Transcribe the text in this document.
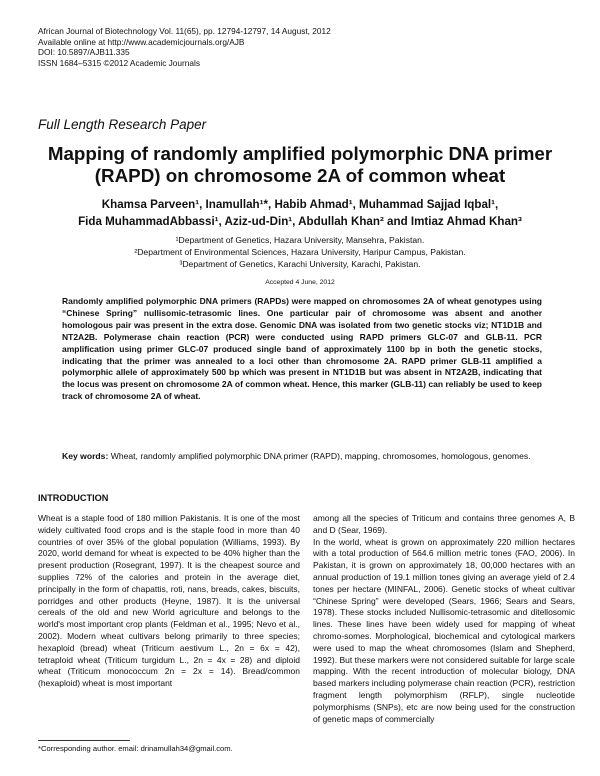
African Journal of Biotechnology Vol. 11(65), pp. 12794-12797, 14 August, 2012
Available online at http://www.academicjournals.org/AJB
DOI: 10.5897/AJB11.335
ISSN 1684–5315 ©2012 Academic Journals
Full Length Research Paper
Mapping of randomly amplified polymorphic DNA primer (RAPD) on chromosome 2A of common wheat
Khamsa Parveen¹, Inamullah¹*, Habib Ahmad¹, Muhammad Sajjad Iqbal¹,
Fida MuhammadAbbassi¹, Aziz-ud-Din¹, Abdullah Khan² and Imtiaz Ahmad Khan³
¹Department of Genetics, Hazara University, Mansehra, Pakistan.
²Department of Environmental Sciences, Hazara University, Haripur Campus, Pakistan.
³Department of Genetics, Karachi University, Karachi, Pakistan.
Accepted 4 June, 2012
Randomly amplified polymorphic DNA primers (RAPDs) were mapped on chromosomes 2A of wheat genotypes using “Chinese Spring” nullisomic-tetrasomic lines. One particular pair of chromosome was absent and another homologous pair was present in the extra dose. Genomic DNA was isolated from two genetic stocks viz; NT1D1B and NT2A2B. Polymerase chain reaction (PCR) were conducted using RAPD primers GLC-07 and GLB-11. PCR amplification using primer GLC-07 produced single band of approximately 1100 bp in both the genetic stocks, indicating that the primer was annealed to a loci other than chromosome 2A. RAPD primer GLB-11 amplified a polymorphic allele of approximately 500 bp which was present in NT1D1B but was absent in NT2A2B, indicating that the locus was present on chromosome 2A of common wheat. Hence, this marker (GLB-11) can reliably be used to keep track of chromosome 2A of wheat.
Key words: Wheat, randomly amplified polymorphic DNA primer (RAPD), mapping, chromosomes, homologous, genomes.
INTRODUCTION

Wheat is a staple food of 180 million Pakistanis. It is one of the most widely cultivated food crops and is the staple food in more than 40 countries of over 35% of the global population (Williams, 1993). By 2020, world demand for wheat is expected to be 40% higher than the present production (Rosegrant, 1997). It is the cheapest source and supplies 72% of the calories and protein in the average diet, principally in the form of chapattis, roti, nans, breads, cakes, biscuits, porridges and other products (Heyne, 1987). It is the universal cereals of the old and new World agriculture and belongs to the world's most important crop plants (Feldman et al., 1995; Nevo et al., 2002). Modern wheat cultivars belong primarily to three species; hexaploid (bread) wheat (Triticum aestivum L., 2n = 6x = 42), tetraploid wheat (Triticum turgidum L., 2n = 4x = 28) and diploid wheat (Triticum monococcum 2n = 2x = 14). Bread/common (hexaploid) wheat is most important

among all the species of Triticum and contains three genomes A, B and D (Sear, 1969).
In the world, wheat is grown on approximately 220 million hectares with a total production of 564.6 million metric tones (FAO, 2006). In Pakistan, it is grown on approximately 18, 00,000 hectares with an annual production of 19.1 million tones giving an average yield of 2.4 tones per hectare (MINFAL, 2006). Genetic stocks of wheat cultivar “Chinese Spring” were developed (Sears, 1966; Sears and Sears, 1978). These stocks included Nullisomic-tetrasomic and ditellosomic lines. These lines have been widely used for mapping of wheat chromo-somes. Morphological, biochemical and cytological markers were used to map the wheat chromosomes (Islam and Shepherd, 1992). But these markers were not considered suitable for large scale mapping. With the recent introduction of molecular biology, DNA based markers including polymerase chain reaction (PCR), restriction fragment length polymorphism (RFLP), single nucleotide polymorphisms (SNPs), etc are now being used for the construction of genetic maps of commercially

*Corresponding author. email: drinamullah34@gmail.com.
